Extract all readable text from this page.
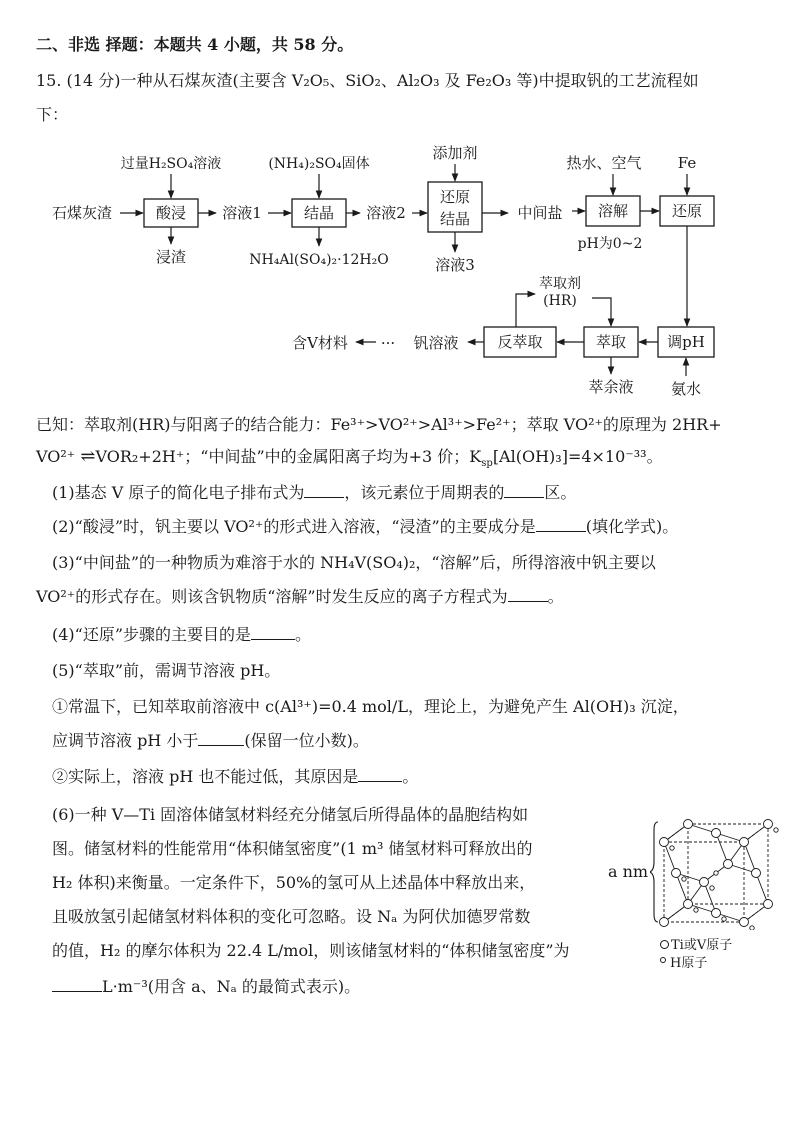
二、非选 择题：本题共 4 小题，共 58 分。
15. (14 分)一种从石煤灰渣(主要含 V₂O₅、SiO₂、Al₂O₃ 及 Fe₂O₃ 等)中提取钒的工艺流程如
下：
酸浸	结晶
还原
结晶	溶解	还原
反萃取	萃取	调pH
石煤灰渣
过量H₂SO₄溶液
浸渣
溶液1
(NH₄)₂SO₄固体
NH₄Al(SO₄)₂·12H₂O
溶液2
添加剂
溶液3
中间盐
热水、空气
pH为0~2
Fe
萃取剂
(HR)
萃余液 氨水
钒溶液
···
含V材料
已知：萃取剂(HR)与阳离子的结合能力：Fe³⁺>VO²⁺>Al³⁺>Fe²⁺；萃取 VO²⁺的原理为 2HR+
VO²⁺ ⇌VOR₂+2H⁺；“中间盐”中的金属阳离子均为+3 价；$K_{sp}[Al(OH)_3]=4\times 10^{-33}$。
(1)基态 V 原子的简化电子排布式为	，该元素位于周期表的	区。
(2)“酸浸”时，钒主要以 VO²⁺的形式进入溶液，“浸渣”的主要成分是	(填化学式)。
(3)“中间盐”的一种物质为难溶于水的 NH₄V(SO₄)₂，“溶解”后，所得溶液中钒主要以
VO²⁺的形式存在。则该含钒物质“溶解”时发生反应的离子方程式为	。
(4)“还原”步骤的主要目的是	。
(5)“萃取”前，需调节溶液 pH。
①常温下，已知萃取前溶液中 c(Al³⁺)=0.4 mol/L，理论上，为避免产生 Al(OH)₃ 沉淀，
应调节溶液 pH 小于	(保留一位小数)。
②实际上，溶液 pH 也不能过低，其原因是	。
(6)一种 V—Ti 固溶体储氢材料经充分储氢后所得晶体的晶胞结构如
图。储氢材料的性能常用“体积储氢密度”(1 m³ 储氢材料可释放出的
H₂ 体积)来衡量。一定条件下，50%的氢可从上述晶体中释放出来，
且吸放氢引起储氢材料体积的变化可忽略。设 Nₐ 为阿伏加德罗常数
的值，H₂ 的摩尔体积为 22.4 L/mol，则该储氢材料的“体积储氢密度”为
L·m⁻³(用含 a、Nₐ 的最简式表示)。
a nm
Ti或V原子
H原子
